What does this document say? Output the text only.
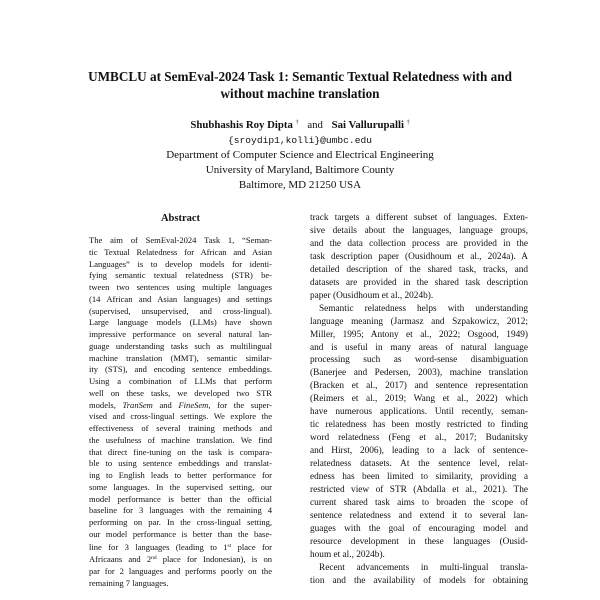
UMBCLU at SemEval-2024 Task 1: Semantic Textual Relatedness with and
without machine translation
Shubhashis Roy Dipta † and Sai Vallurupalli †
{sroydip1,kolli}@umbc.edu
Department of Computer Science and Electrical Engineering
University of Maryland, Baltimore County
Baltimore, MD 21250 USA
Abstract
The aim of SemEval-2024 Task 1, “Seman-
tic Textual Relatedness for African and Asian
Languages” is to develop models for identi-
fying semantic textual relatedness (STR) be-
tween two sentences using multiple languages
(14 African and Asian languages) and settings
(supervised, unsupervised, and cross-lingual).
Large language models (LLMs) have shown
impressive performance on several natural lan-
guage understanding tasks such as multilingual
machine translation (MMT), semantic similar-
ity (STS), and encoding sentence embeddings.
Using a combination of LLMs that perform
well on these tasks, we developed two STR
models, TranSem and FineSem, for the super-
vised and cross-lingual settings. We explore the
effectiveness of several training methods and
the usefulness of machine translation. We find
that direct fine-tuning on the task is compara-
ble to using sentence embeddings and translat-
ing to English leads to better performance for
some languages. In the supervised setting, our
model performance is better than the official
baseline for 3 languages with the remaining 4
performing on par. In the cross-lingual setting,
our model performance is better than the base-
line for 3 languages (leading to 1st place for
Africaans and 2nd place for Indonesian), is on
par for 2 languages and performs poorly on the
remaining 7 languages.
track targets a different subset of languages. Exten-
sive details about the languages, language groups,
and the data collection process are provided in the
task description paper (Ousidhoum et al., 2024a). A
detailed description of the shared task, tracks, and
datasets are provided in the shared task description
paper (Ousidhoum et al., 2024b).
Semantic relatedness helps with understanding
language meaning (Jarmasz and Szpakowicz, 2012;
Miller, 1995; Antony et al., 2022; Osgood, 1949)
and is useful in many areas of natural language
processing such as word-sense disambiguation
(Banerjee and Pedersen, 2003), machine translation
(Bracken et al., 2017) and sentence representation
(Reimers et al., 2019; Wang et al., 2022) which
have numerous applications. Until recently, seman-
tic relatedness has been mostly restricted to finding
word relatedness (Feng et al., 2017; Budanitsky
and Hirst, 2006), leading to a lack of sentence-
relatedness datasets. At the sentence level, relat-
edness has been limited to similarity, providing a
restricted view of STR (Abdalla et al., 2021). The
current shared task aims to broaden the scope of
sentence relatedness and extend it to several lan-
guages with the goal of encouraging model and
resource development in these languages (Ousid-
houm et al., 2024b).
Recent advancements in multi-lingual transla-
tion and the availability of models for obtaining
